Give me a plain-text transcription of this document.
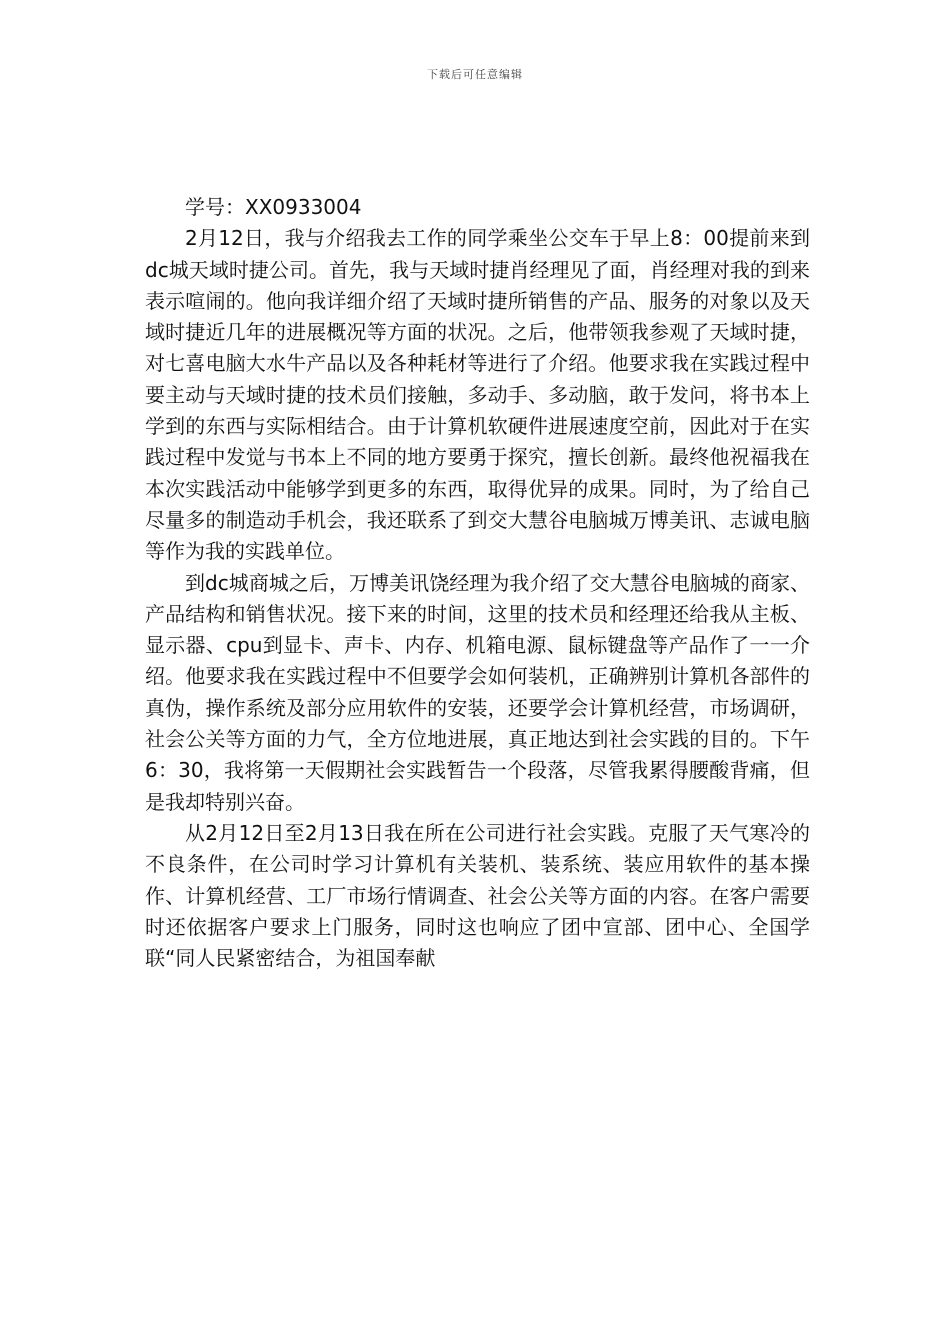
下载后可任意编辑

学号：XX0933004

2月12日，我与介绍我去工作的同学乘坐公交车于早上8：00提前来到dc城天域时捷公司。首先，我与天域时捷肖经理见了面，肖经理对我的到来表示喧闹的。他向我详细介绍了天域时捷所销售的产品、服务的对象以及天域时捷近几年的进展概况等方面的状况。之后，他带领我参观了天域时捷，对七喜电脑大水牛产品以及各种耗材等进行了介绍。他要求我在实践过程中要主动与天域时捷的技术员们接触，多动手、多动脑，敢于发问，将书本上学到的东西与实际相结合。由于计算机软硬件进展速度空前，因此对于在实践过程中发觉与书本上不同的地方要勇于探究，擅长创新。最终他祝福我在本次实践活动中能够学到更多的东西，取得优异的成果。同时，为了给自己尽量多的制造动手机会，我还联系了到交大慧谷电脑城万博美讯、志诚电脑等作为我的实践单位。

到dc城商城之后，万博美讯饶经理为我介绍了交大慧谷电脑城的商家、产品结构和销售状况。接下来的时间，这里的技术员和经理还给我从主板、显示器、cpu到显卡、声卡、内存、机箱电源、鼠标键盘等产品作了一一介绍。他要求我在实践过程中不但要学会如何装机，正确辨别计算机各部件的真伪，操作系统及部分应用软件的安装，还要学会计算机经营，市场调研，社会公关等方面的力气，全方位地进展，真正地达到社会实践的目的。下午6：30，我将第一天假期社会实践暂告一个段落，尽管我累得腰酸背痛，但是我却特别兴奋。

从2月12日至2月13日我在所在公司进行社会实践。克服了天气寒冷的不良条件，在公司时学习计算机有关装机、装系统、装应用软件的基本操作、计算机经营、工厂市场行情调查、社会公关等方面的内容。在客户需要时还依据客户要求上门服务，同时这也响应了团中宣部、团中心、全国学联“同人民紧密结合，为祖国奉献
